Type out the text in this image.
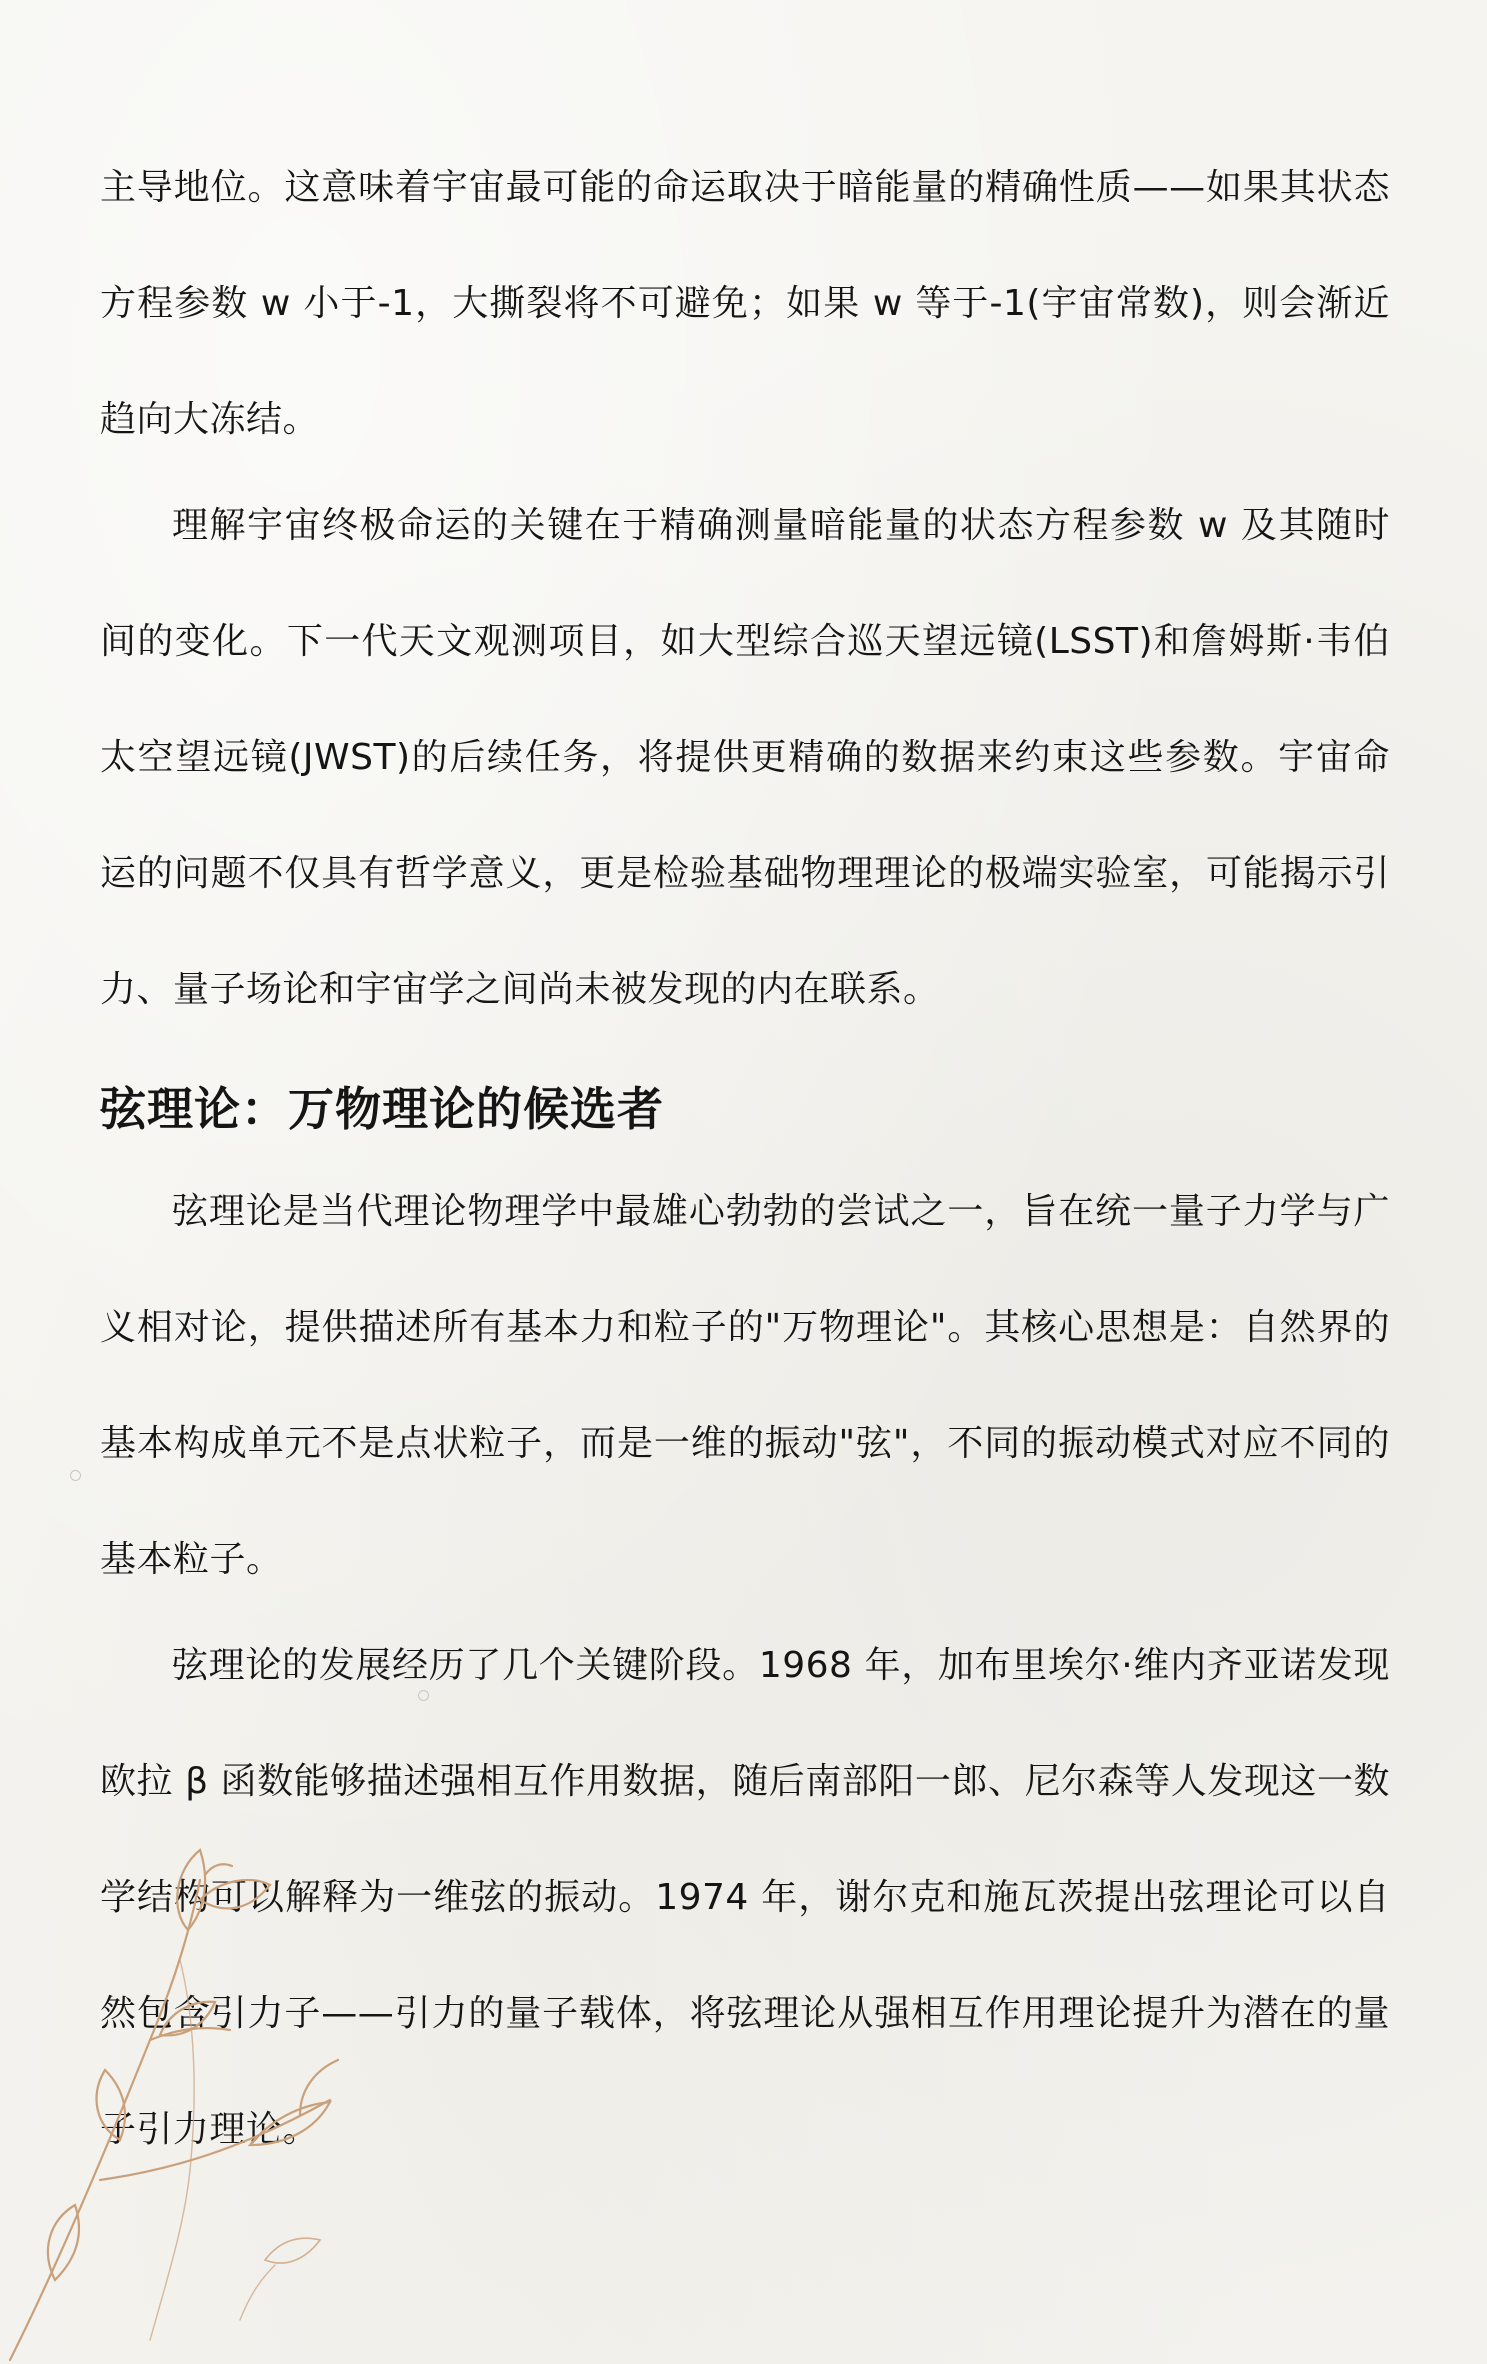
主导地位。这意味着宇宙最可能的命运取决于暗能量的精确性质——如果其状态方程参数 w 小于-1，大撕裂将不可避免；如果 w 等于-1(宇宙常数)，则会渐近趋向大冻结。

理解宇宙终极命运的关键在于精确测量暗能量的状态方程参数 w 及其随时间的变化。下一代天文观测项目，如大型综合巡天望远镜(LSST)和詹姆斯·韦伯太空望远镜(JWST)的后续任务，将提供更精确的数据来约束这些参数。宇宙命运的问题不仅具有哲学意义，更是检验基础物理理论的极端实验室，可能揭示引力、量子场论和宇宙学之间尚未被发现的内在联系。

弦理论：万物理论的候选者

弦理论是当代理论物理学中最雄心勃勃的尝试之一，旨在统一量子力学与广义相对论，提供描述所有基本力和粒子的"万物理论"。其核心思想是：自然界的基本构成单元不是点状粒子，而是一维的振动"弦"，不同的振动模式对应不同的基本粒子。

弦理论的发展经历了几个关键阶段。1968 年，加布里埃尔·维内齐亚诺发现欧拉 β 函数能够描述强相互作用数据，随后南部阳一郎、尼尔森等人发现这一数学结构可以解释为一维弦的振动。1974 年，谢尔克和施瓦茨提出弦理论可以自然包含引力子——引力的量子载体，将弦理论从强相互作用理论提升为潜在的量子引力理论。
